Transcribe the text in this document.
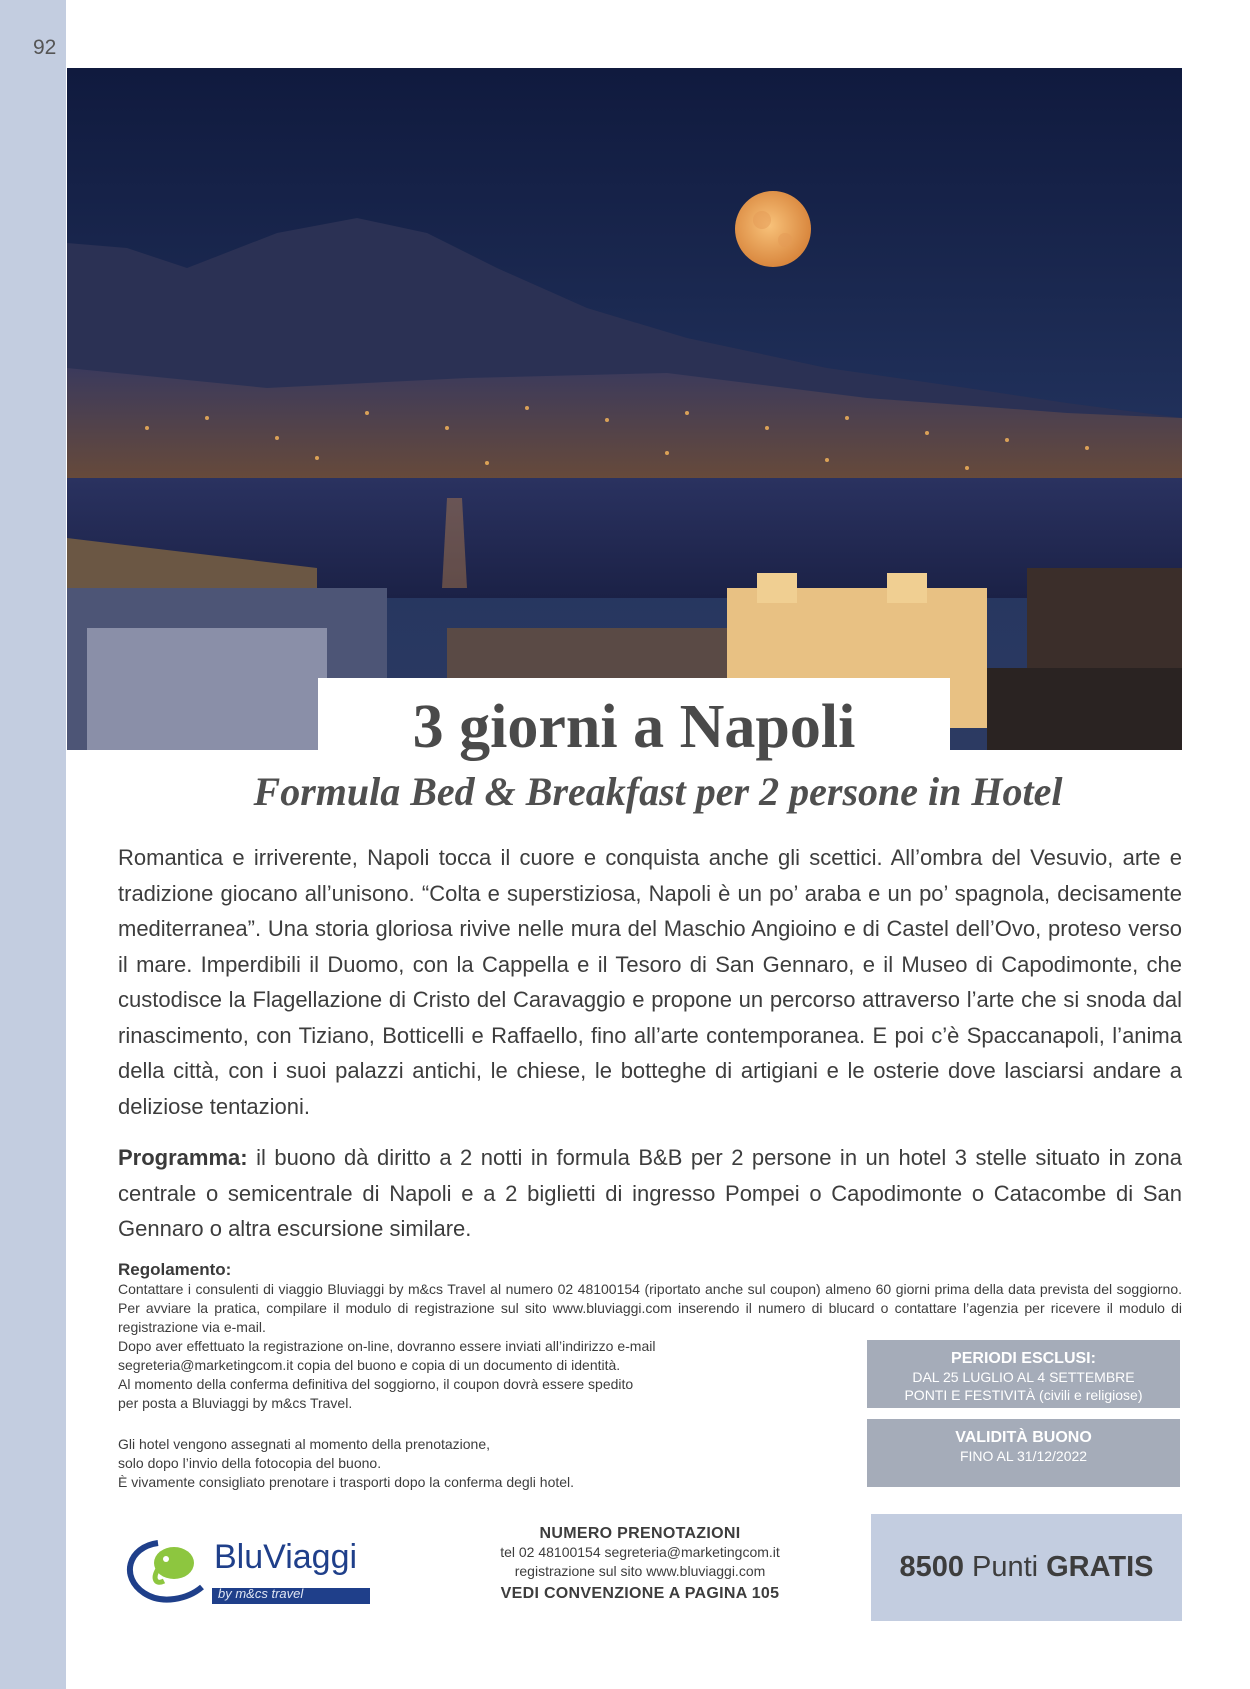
92
3 giorni a Napoli
Formula Bed & Breakfast per 2 persone in Hotel
Romantica e irriverente, Napoli tocca il cuore e conquista anche gli scettici. All’ombra del Vesuvio, arte e tradizione giocano all’unisono. “Colta e superstiziosa, Napoli è un po’ araba e un po’ spagnola, decisamente mediterranea”. Una storia gloriosa rivive nelle mura del Maschio Angioino e di Castel dell’Ovo, proteso verso il mare. Imperdibili il Duomo, con la Cappella e il Tesoro di San Gennaro, e il Museo di Capodimonte, che custodisce la Flagellazione di Cristo del Caravaggio e propone un percorso attraverso l’arte che si snoda dal rinascimento, con Tiziano, Botticelli e Raffaello, fino all’arte contemporanea. E poi c’è Spaccanapoli, l’anima della città, con i suoi palazzi antichi, le chiese, le botteghe di artigiani e le osterie dove lasciarsi andare a deliziose tentazioni.
Programma: il buono dà diritto a 2 notti in formula B&B per 2 persone in un hotel 3 stelle situato in zona centrale o semicentrale di Napoli e a 2 biglietti di ingresso Pompei o Capodimonte o Catacombe di San Gennaro o altra escursione similare.
Regolamento:
Contattare i consulenti di viaggio Bluviaggi by m&cs Travel al numero 02 48100154 (riportato anche sul coupon) almeno 60 giorni prima della data prevista del soggiorno. Per avviare la pratica, compilare il modulo di registrazione sul sito www.bluviaggi.com inserendo il numero di blucard o contattare l’agenzia per ricevere il modulo di registrazione via e-mail.
Dopo aver effettuato la registrazione on-line, dovranno essere inviati all’indirizzo e-mail
segreteria@marketingcom.it copia del buono e copia di un documento di identità.
Al momento della conferma definitiva del soggiorno, il coupon dovrà essere spedito
per posta a Bluviaggi by m&cs Travel.
Gli hotel vengono assegnati al momento della prenotazione,
solo dopo l’invio della fotocopia del buono.
È vivamente consigliato prenotare i trasporti dopo la conferma degli hotel.
PERIODI ESCLUSI:
DAL 25 LUGLIO AL 4 SETTEMBRE
PONTI E FESTIVITÀ (civili e religiose)
VALIDITÀ BUONO
FINO AL 31/12/2022
8500 Punti GRATIS
BluViaggi
by m&cs travel
NUMERO PRENOTAZIONI
tel 02 48100154 segreteria@marketingcom.it
registrazione sul sito www.bluviaggi.com
VEDI CONVENZIONE A PAGINA 105
